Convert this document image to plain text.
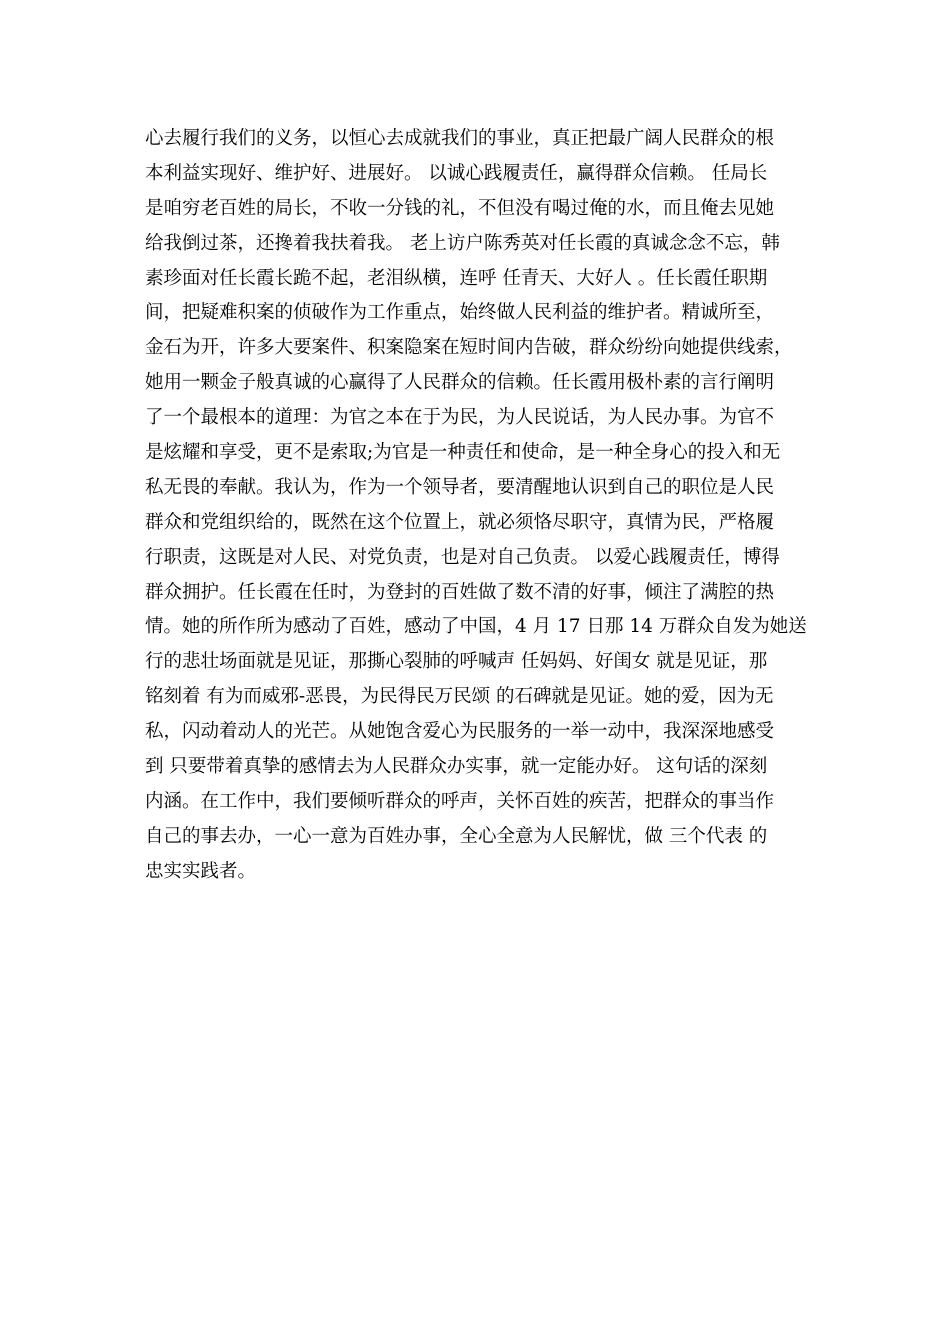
心去履行我们的义务，以恒心去成就我们的事业，真正把最广阔人民群众的根
本利益实现好、维护好、进展好。 以诚心践履责任，赢得群众信赖。 任局长
是咱穷老百姓的局长，不收一分钱的礼，不但没有喝过俺的水，而且俺去见她
给我倒过茶，还搀着我扶着我。 老上访户陈秀英对任长霞的真诚念念不忘，韩
素珍面对任长霞长跪不起，老泪纵横，连呼 任青天、大好人 。任长霞任职期
间，把疑难积案的侦破作为工作重点，始终做人民利益的维护者。精诚所至，
金石为开，许多大要案件、积案隐案在短时间内告破，群众纷纷向她提供线索，
她用一颗金子般真诚的心赢得了人民群众的信赖。任长霞用极朴素的言行阐明
了一个最根本的道理：为官之本在于为民，为人民说话，为人民办事。为官不
是炫耀和享受，更不是索取;为官是一种责任和使命，是一种全身心的投入和无
私无畏的奉献。我认为，作为一个领导者，要清醒地认识到自己的职位是人民
群众和党组织给的，既然在这个位置上，就必须恪尽职守，真情为民，严格履
行职责，这既是对人民、对党负责，也是对自己负责。 以爱心践履责任，博得
群众拥护。任长霞在任时，为登封的百姓做了数不清的好事，倾注了满腔的热
情。她的所作所为感动了百姓，感动了中国，4 月 17 日那 14 万群众自发为她送
行的悲壮场面就是见证，那撕心裂肺的呼喊声 任妈妈、好闺女 就是见证，那
铭刻着 有为而威邪-恶畏，为民得民万民颂 的石碑就是见证。她的爱，因为无
私，闪动着动人的光芒。从她饱含爱心为民服务的一举一动中，我深深地感受
到 只要带着真挚的感情去为人民群众办实事，就一定能办好。 这句话的深刻
内涵。在工作中，我们要倾听群众的呼声，关怀百姓的疾苦，把群众的事当作
自己的事去办，一心一意为百姓办事，全心全意为人民解忧，做 三个代表 的
忠实实践者。
